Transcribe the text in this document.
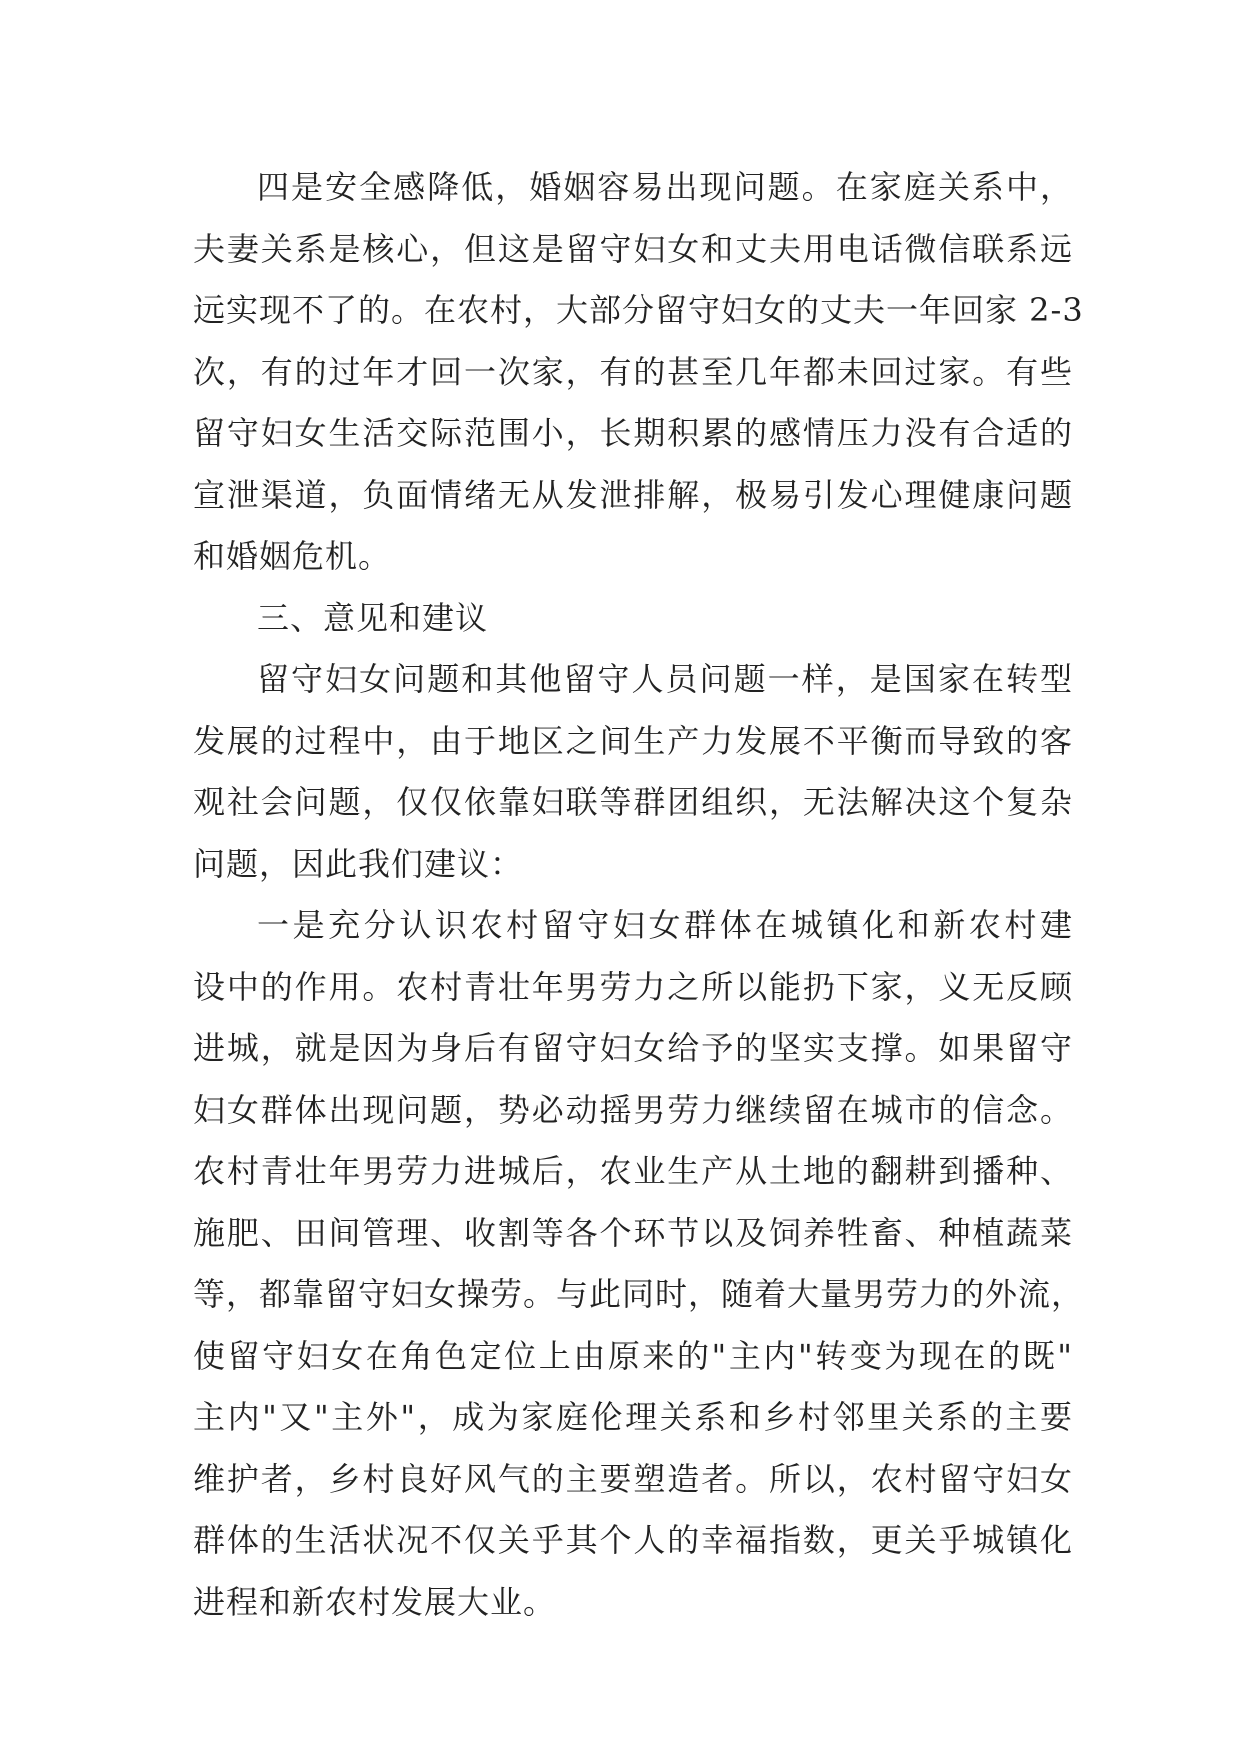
四是安全感降低，婚姻容易出现问题。在家庭关系中，
夫妻关系是核心，但这是留守妇女和丈夫用电话微信联系远
远实现不了的。在农村，大部分留守妇女的丈夫一年回家 2-3
次，有的过年才回一次家，有的甚至几年都未回过家。有些
留守妇女生活交际范围小，长期积累的感情压力没有合适的
宣泄渠道，负面情绪无从发泄排解，极易引发心理健康问题
和婚姻危机。
三、意见和建议
留守妇女问题和其他留守人员问题一样，是国家在转型
发展的过程中，由于地区之间生产力发展不平衡而导致的客
观社会问题，仅仅依靠妇联等群团组织，无法解决这个复杂
问题，因此我们建议：
一是充分认识农村留守妇女群体在城镇化和新农村建
设中的作用。农村青壮年男劳力之所以能扔下家，义无反顾
进城，就是因为身后有留守妇女给予的坚实支撑。如果留守
妇女群体出现问题，势必动摇男劳力继续留在城市的信念。
农村青壮年男劳力进城后，农业生产从土地的翻耕到播种、
施肥、田间管理、收割等各个环节以及饲养牲畜、种植蔬菜
等，都靠留守妇女操劳。与此同时，随着大量男劳力的外流，
使留守妇女在角色定位上由原来的"主内"转变为现在的既"
主内"又"主外"，成为家庭伦理关系和乡村邻里关系的主要
维护者，乡村良好风气的主要塑造者。所以，农村留守妇女
群体的生活状况不仅关乎其个人的幸福指数，更关乎城镇化
进程和新农村发展大业。
